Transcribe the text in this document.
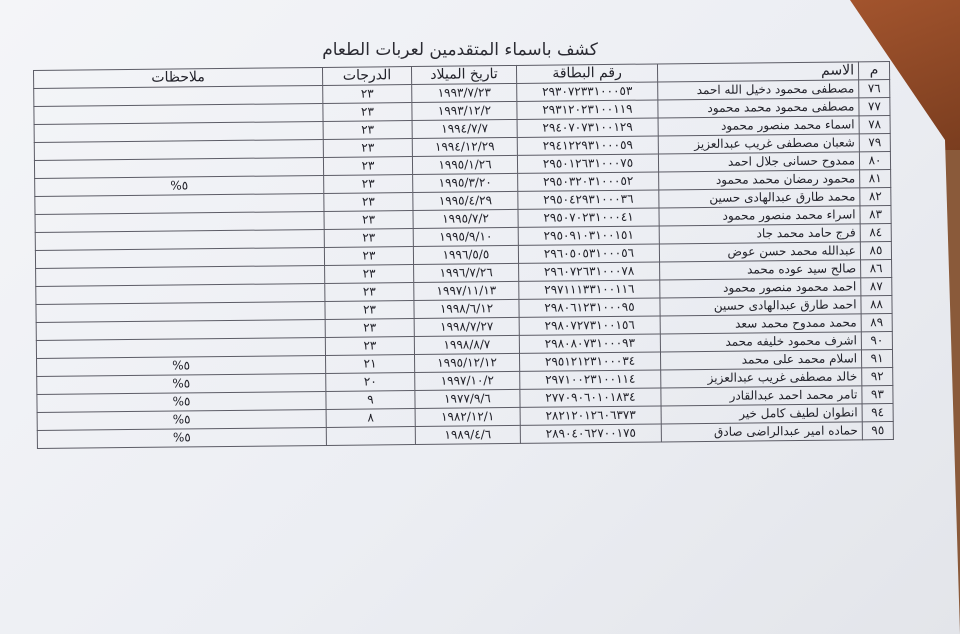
كشف باسماء المتقدمين لعربات الطعام
م	الاسم	رقم البطاقة	تاريخ الميلاد	الدرجات	ملاحظات
٧٦	مصطفى محمود دخيل الله احمد	٢٩٣٠٧٢٣٣١٠٠٠٥٣	١٩٩٣/٧/٢٣	٢٣	
٧٧	مصطفى محمود محمد محمود	٢٩٣١٢٠٢٣١٠٠١١٩	١٩٩٣/١٢/٢	٢٣	
٧٨	اسماء محمد منصور محمود	٢٩٤٠٧٠٧٣١٠٠١٢٩	١٩٩٤/٧/٧	٢٣	
٧٩	شعبان مصطفى غريب عبدالعزيز	٢٩٤١٢٢٩٣١٠٠٠٥٩	١٩٩٤/١٢/٢٩	٢٣	
٨٠	ممدوح حسانى جلال احمد	٢٩٥٠١٢٦٣١٠٠٠٧٥	١٩٩٥/١/٢٦	٢٣	
٨١	محمود رمضان محمد محمود	٢٩٥٠٣٢٠٣١٠٠٠٥٢	١٩٩٥/٣/٢٠	٢٣	٥%
٨٢	محمد طارق عبدالهادى حسين	٢٩٥٠٤٢٩٣١٠٠٠٣٦	١٩٩٥/٤/٢٩	٢٣	
٨٣	اسراء محمد منصور محمود	٢٩٥٠٧٠٢٣١٠٠٠٤١	١٩٩٥/٧/٢	٢٣	
٨٤	فرج حامد محمد جاد	٢٩٥٠٩١٠٣١٠٠١٥١	١٩٩٥/٩/١٠	٢٣	
٨٥	عبدالله محمد حسن عوض	٢٩٦٠٥٠٥٣١٠٠٠٥٦	١٩٩٦/٥/٥	٢٣	
٨٦	صالح سيد عوده محمد	٢٩٦٠٧٢٦٣١٠٠٠٧٨	١٩٩٦/٧/٢٦	٢٣	
٨٧	احمد محمود منصور محمود	٢٩٧١١١٣٣١٠٠١١٦	١٩٩٧/١١/١٣	٢٣	
٨٨	احمد طارق عبدالهادى حسين	٢٩٨٠٦١٢٣١٠٠٠٩٥	١٩٩٨/٦/١٢	٢٣	
٨٩	محمد ممدوح محمد سعد	٢٩٨٠٧٢٧٣١٠٠١٥٦	١٩٩٨/٧/٢٧	٢٣	
٩٠	اشرف محمود خليفه محمد	٢٩٨٠٨٠٧٣١٠٠٠٩٣	١٩٩٨/٨/٧	٢٣	
٩١	اسلام محمد على محمد	٢٩٥١٢١٢٣١٠٠٠٣٤	١٩٩٥/١٢/١٢	٢١	٥%
٩٢	خالد مصطفى غريب عبدالعزيز	٢٩٧١٠٠٢٣١٠٠١١٤	١٩٩٧/١٠/٢	٢٠	٥%
٩٣	تامر محمد احمد عبدالقادر	٢٧٧٠٩٠٦٠١٠١٨٣٤	١٩٧٧/٩/٦	٩	٥%
٩٤	انطوان لطيف كامل خير	٢٨٢١٢٠١٢٦٠٦٣٧٣	١٩٨٢/١٢/١	٨	٥%
٩٥	حماده امير عبدالراضى صادق	٢٨٩٠٤٠٦٢٧٠٠١٧٥	١٩٨٩/٤/٦		٥%
